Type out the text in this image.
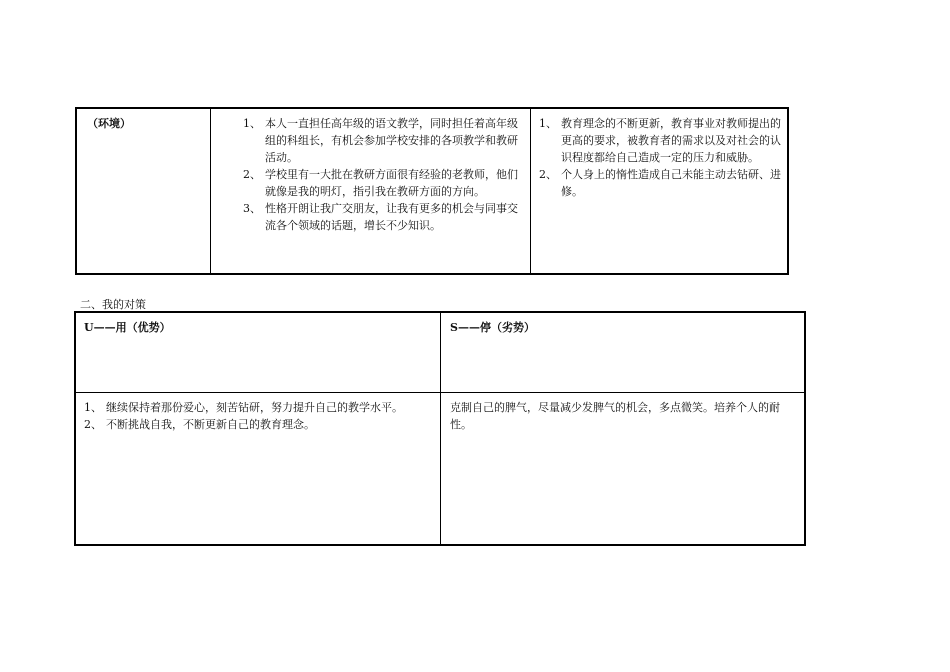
（环境）	1、 本人一直担任高年级的语文教学，同时担任着高年级组的科组长，有机会参加学校安排的各项教学和教研活动。
2、 学校里有一大批在教研方面很有经验的老教师，他们就像是我的明灯，指引我在教研方面的方向。
3、 性格开朗让我广交朋友，让我有更多的机会与同事交流各个领域的话题，增长不少知识。
1、 教育理念的不断更新，教育事业对教师提出的更高的要求，被教育者的需求以及对社会的认识程度都给自己造成一定的压力和威胁。
2、 个人身上的惰性造成自己未能主动去钻研、进修。
二、我的对策
U——用（优势）	S——停（劣势）
1、 继续保持着那份爱心，刻苦钻研，努力提升自己的教学水平。
2、 不断挑战自我，不断更新自己的教育理念。
克制自己的脾气，尽量减少发脾气的机会，多点微笑。培养个人的耐性。
